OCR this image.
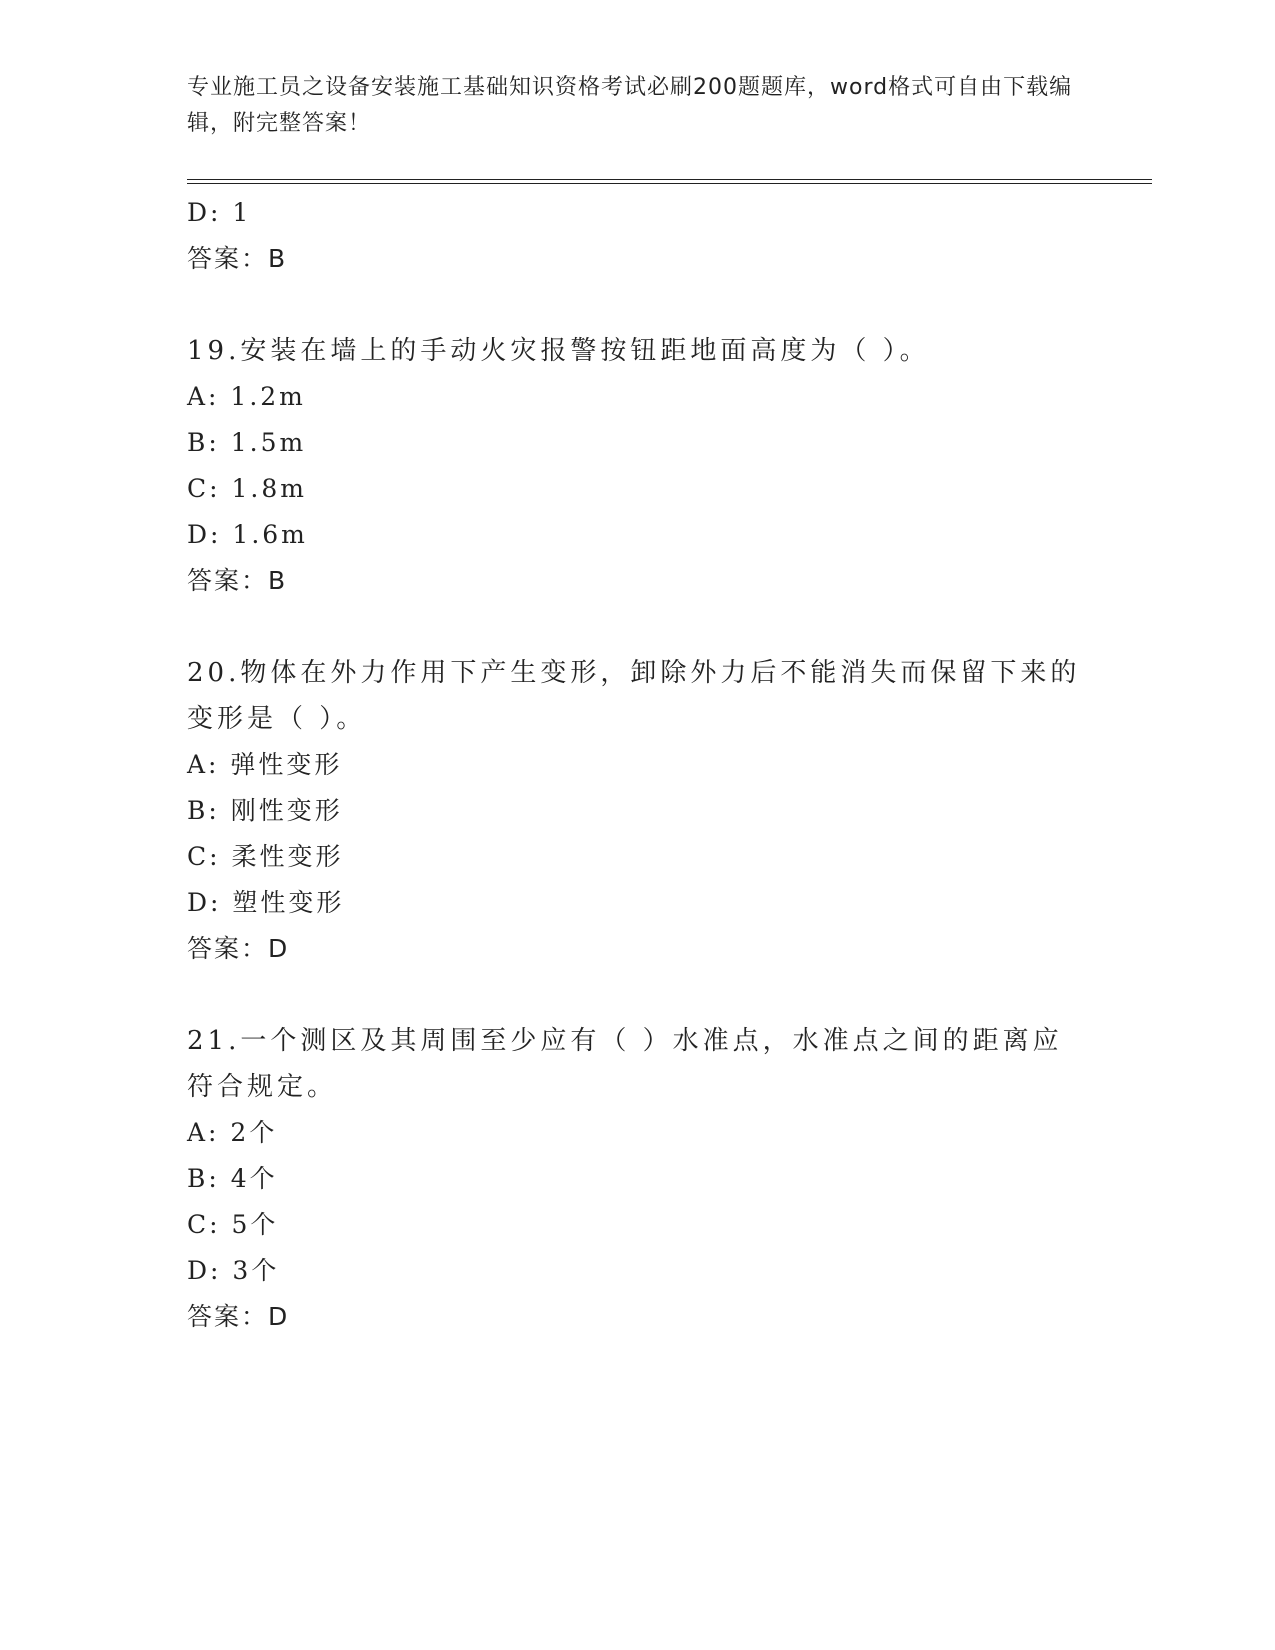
专业施工员之设备安装施工基础知识资格考试必刷200题题库，word格式可自由下载编辑，附完整答案！
D: 1
答案：B
19.安装在墙上的手动火灾报警按钮距地面高度为（ ）。
A: 1.2m
B: 1.5m
C: 1.8m
D: 1.6m
答案：B
20.物体在外力作用下产生变形，卸除外力后不能消失而保留下来的变形是（ ）。
A: 弹性变形
B: 刚性变形
C: 柔性变形
D: 塑性变形
答案：D
21.一个测区及其周围至少应有（ ）水准点，水准点之间的距离应符合规定。
A: 2个
B: 4个
C: 5个
D: 3个
答案：D
